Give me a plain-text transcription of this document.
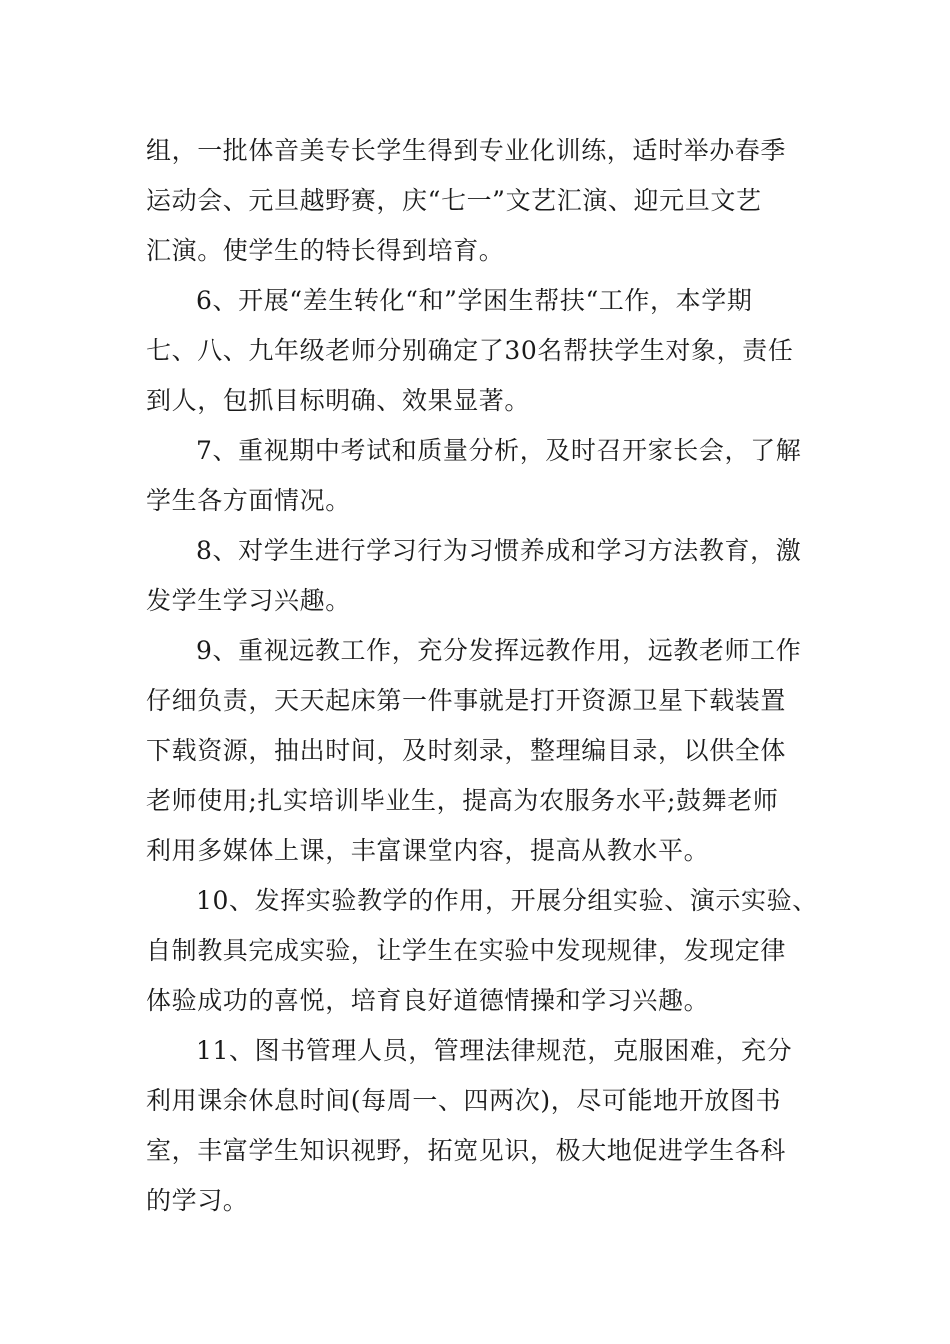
组，一批体音美专长学生得到专业化训练，适时举办春季
运动会、元旦越野赛，庆“七一”文艺汇演、迎元旦文艺
汇演。使学生的特长得到培育。
6、开展“差生转化“和”学困生帮扶“工作，本学期
七、八、九年级老师分别确定了30名帮扶学生对象，责任
到人，包抓目标明确、效果显著。
7、重视期中考试和质量分析，及时召开家长会，了解
学生各方面情况。
8、对学生进行学习行为习惯养成和学习方法教育，激
发学生学习兴趣。
9、重视远教工作，充分发挥远教作用，远教老师工作
仔细负责，天天起床第一件事就是打开资源卫星下载装置
下载资源，抽出时间，及时刻录，整理编目录，以供全体
老师使用;扎实培训毕业生，提高为农服务水平;鼓舞老师
利用多媒体上课，丰富课堂内容，提高从教水平。
10、发挥实验教学的作用，开展分组实验、演示实验、
自制教具完成实验，让学生在实验中发现规律，发现定律
体验成功的喜悦，培育良好道德情操和学习兴趣。
11、图书管理人员，管理法律规范，克服困难，充分
利用课余休息时间(每周一、四两次)，尽可能地开放图书
室，丰富学生知识视野，拓宽见识，极大地促进学生各科
的学习。
